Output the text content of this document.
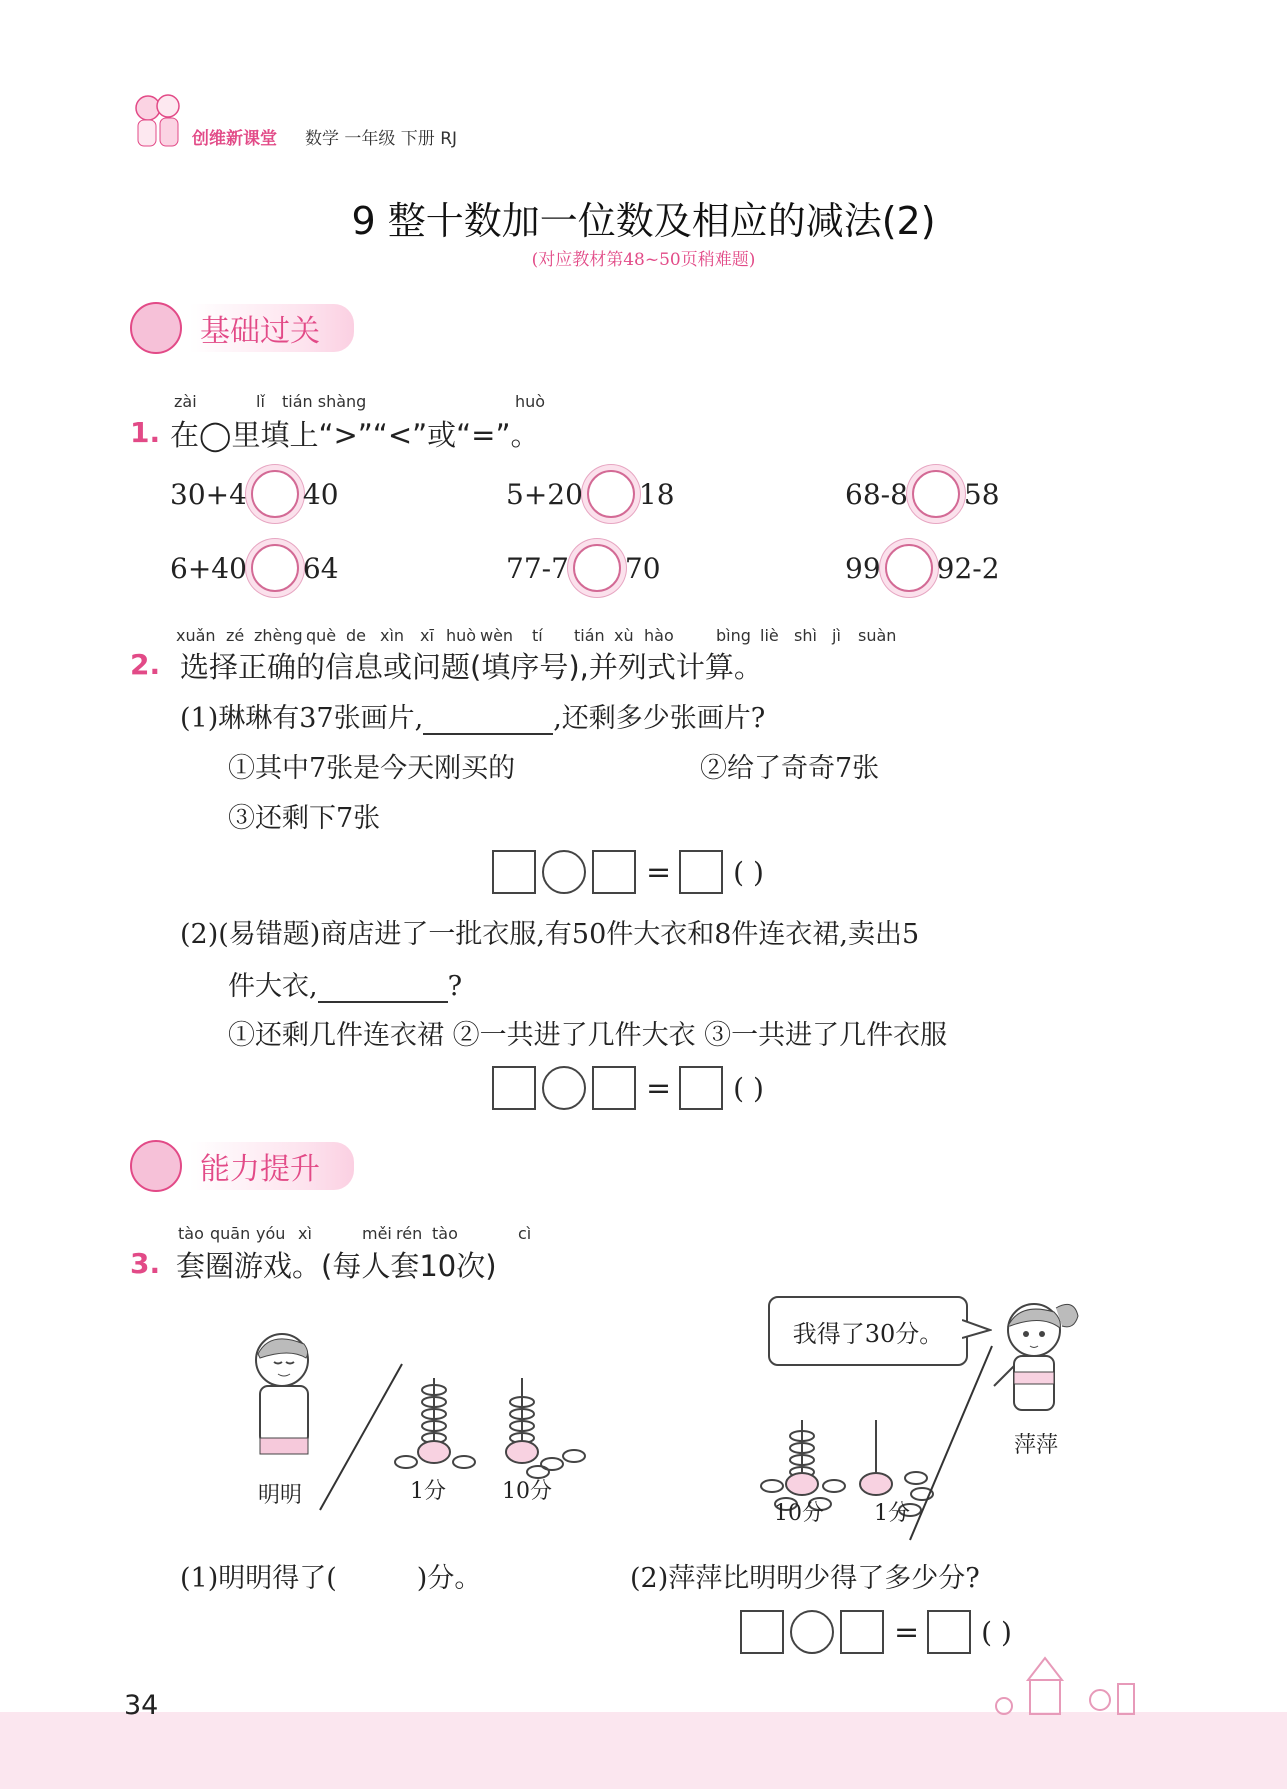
创维新课堂 数学 一年级 下册 RJ
9 整十数加一位数及相应的减法(2)
(对应教材第48~50页稍难题)
基础过关
zài	lǐ tián shàng	huò
1. 在◯里填上“>”“<”或“=”。
30+4 40	5+20 18	68-8 58
6+40 64	77-7 70	99 92-2
xuǎn zé zhèng què de xìn xī huò wèn tí tián xù hào	bìng liè shì jì suàn
2. 选择正确的信息或问题(填序号),并列式计算。
(1)琳琳有37张画片,	,还剩多少张画片?
①其中7张是今天刚买的	②给了奇奇7张
③还剩下7张
= ( )
(2)(易错题)商店进了一批衣服,有50件大衣和8件连衣裙,卖出5
件大衣,	?
①还剩几件连衣裙 ②一共进了几件大衣 ③一共进了几件衣服
= ( )
能力提升
tào quān yóu xì	měi rén tào	cì
3. 套圈游戏。(每人套10次)
明明	1分	10分
我得了30分。
萍萍
10分 1分
(1)明明得了(	)分。	(2)萍萍比明明少得了多少分?
= ( )
34
